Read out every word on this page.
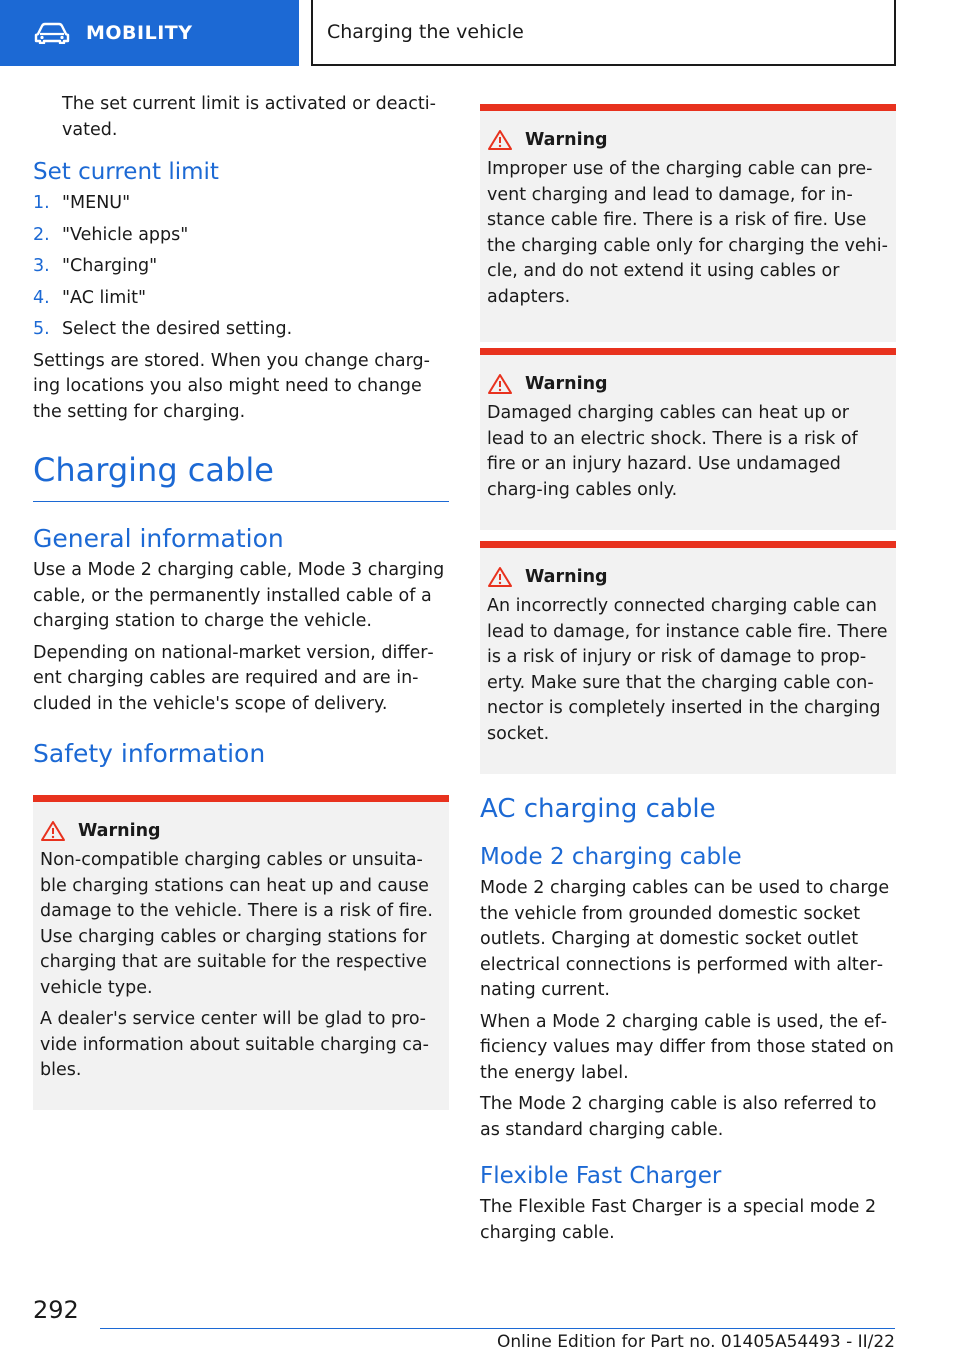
MOBILITY	Charging the vehicle

The set current limit is activated or deacti‐vated.

Set current limit
1. "MENU"
2. "Vehicle apps"
3. "Charging"
4. "AC limit"
5. Select the desired setting.

Settings are stored. When you change charg‐ing locations you also might need to change the setting for charging.

Charging cable
General information

Use a Mode 2 charging cable, Mode 3 charging cable, or the permanently installed cable of a charging station to charge the vehicle.

Depending on national-market version, differ‐ent charging cables are required and are in‐cluded in the vehicle's scope of delivery.

Safety information
Warning

Non-compatible charging cables or unsuita‐ble charging stations can heat up and cause damage to the vehicle. There is a risk of fire. Use charging cables or charging stations for charging that are suitable for the respective vehicle type.

A dealer's service center will be glad to pro‐vide information about suitable charging ca‐bles.

Warning

Improper use of the charging cable can pre‐vent charging and lead to damage, for in‐stance cable fire. There is a risk of fire. Use the charging cable only for charging the vehi‐cle, and do not extend it using cables or adapters.

Warning

Damaged charging cables can heat up or lead to an electric shock. There is a risk of fire or an injury hazard. Use undamaged charg‐ing cables only.

Warning

An incorrectly connected charging cable can lead to damage, for instance cable fire. There is a risk of injury or risk of damage to prop‐erty. Make sure that the charging cable con‐nector is completely inserted in the charging socket.

AC charging cable
Mode 2 charging cable

Mode 2 charging cables can be used to charge the vehicle from grounded domestic socket outlets. Charging at domestic socket outlet electrical connections is performed with alter‐nating current.

When a Mode 2 charging cable is used, the ef‐ficiency values may differ from those stated on the energy label.

The Mode 2 charging cable is also referred to as standard charging cable.

Flexible Fast Charger

The Flexible Fast Charger is a special mode 2 charging cable.

292
Online Edition for Part no. 01405A54493 - II/22
